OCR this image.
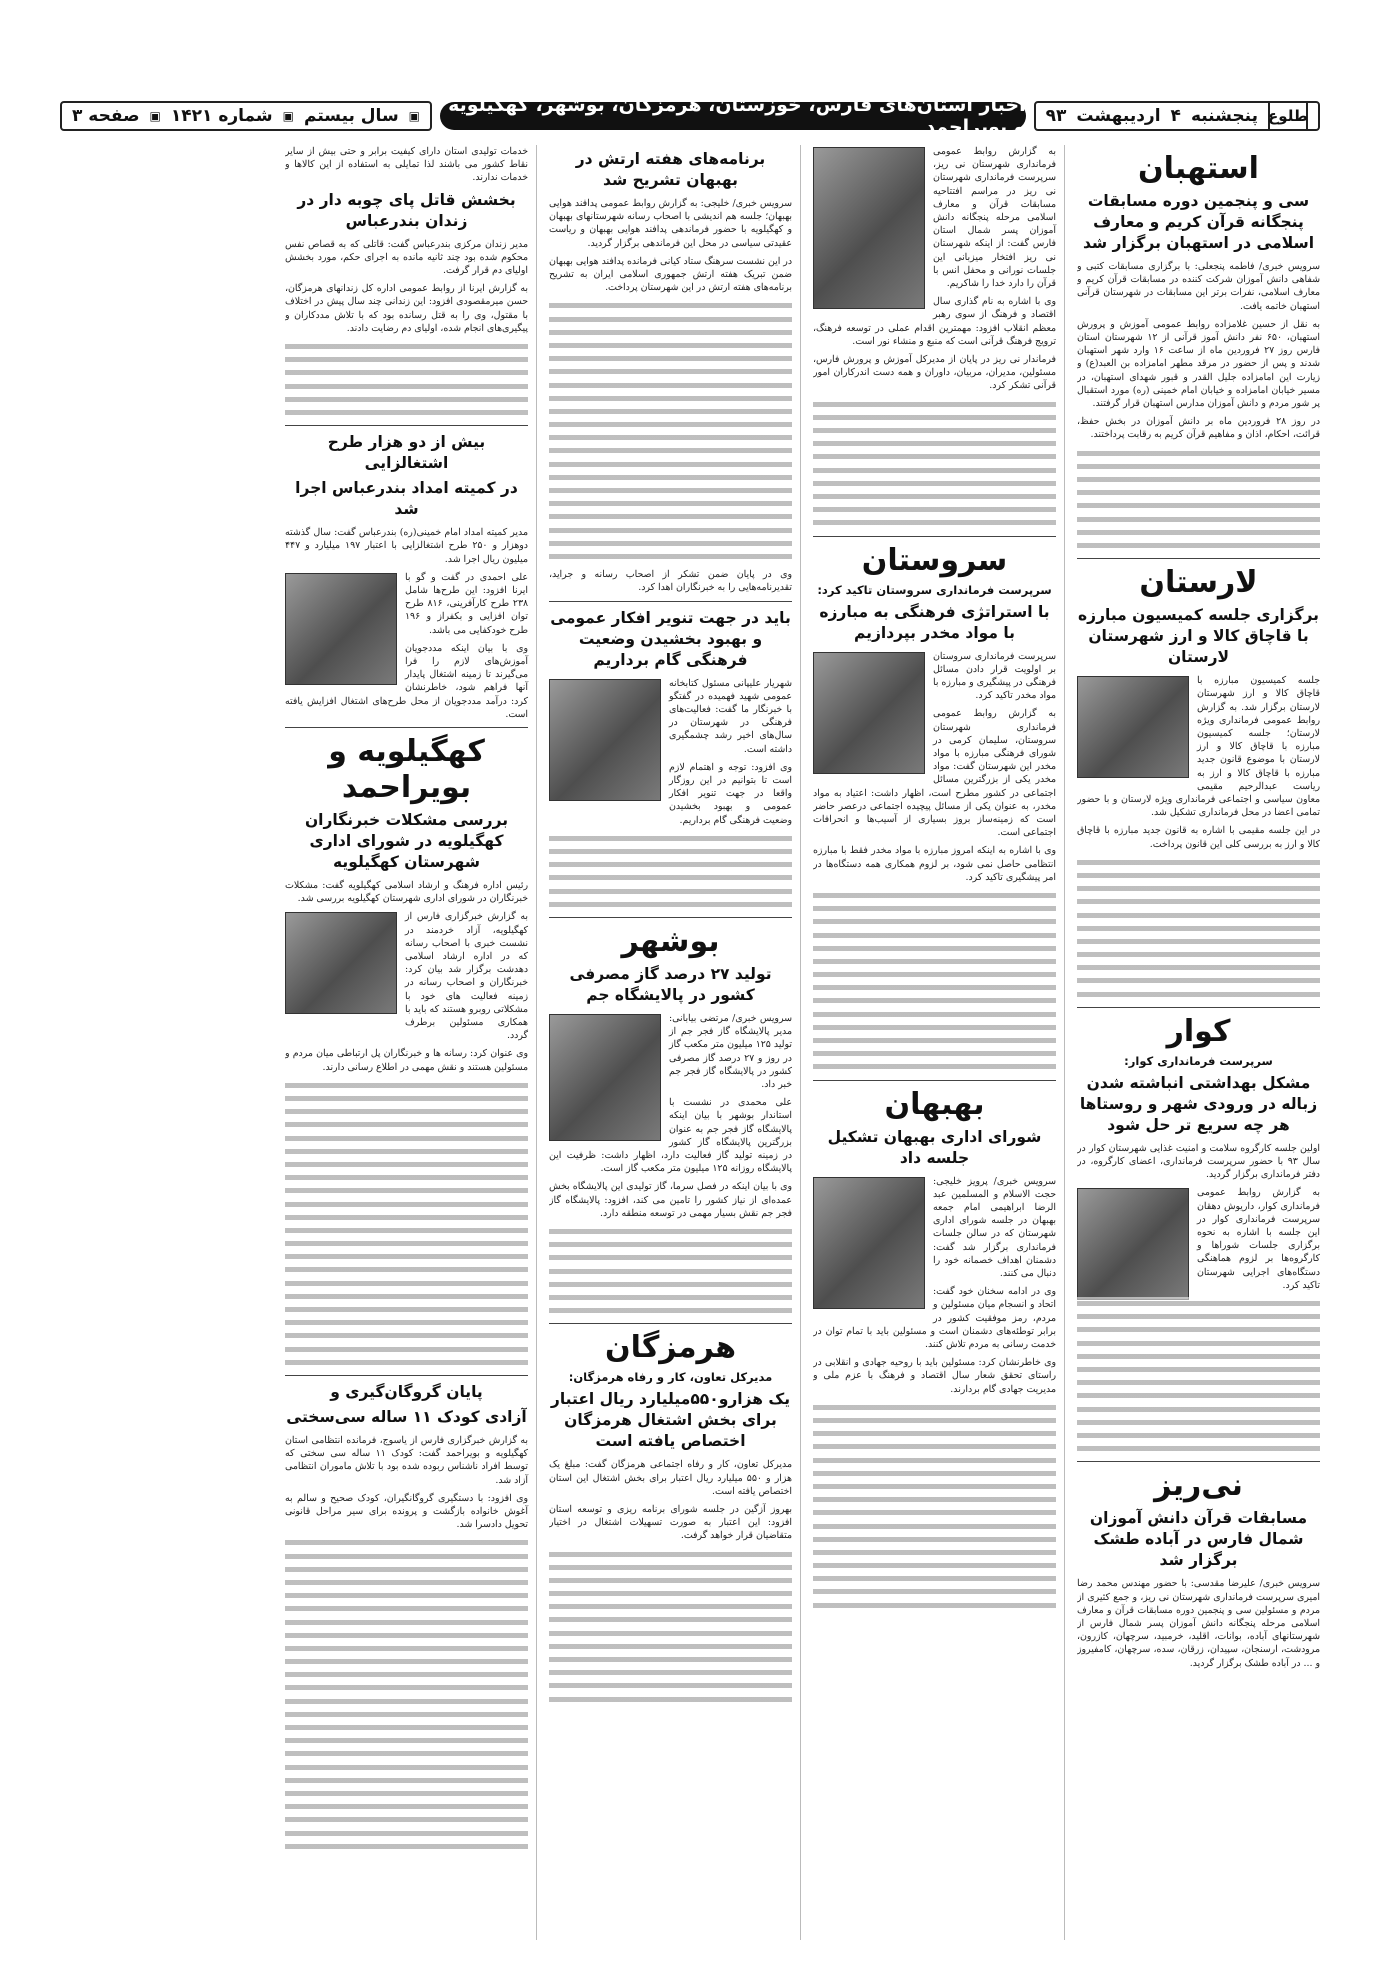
طلوع
پنجشنبه
۴
اردیبهشت
۹۳
اخبار استان‌های فارس، خوزستان، هرمزگان، بوشهر، کهگیلویه و بویراحمد
▣
سال بیستم
▣
شماره ۱۴۲۱
▣
صفحه ۳
استهبان
سی و پنجمین دوره مسابقات پنجگانه قرآن کریم و معارف اسلامی در استهبان برگزار شد

سرویس خبری/ فاطمه پنجعلی: با برگزاری مسابقات کتبی و شفاهی دانش آموزان شرکت کننده در مسابقات قرآن کریم و معارف اسلامی، نفرات برتر این مسابقات در شهرستان قرآنی استهبان خاتمه یافت.

به نقل از حسین غلامزاده روابط عمومی آموزش و پرورش استهبان، ۶۵۰ نفر دانش آموز قرآنی از ۱۲ شهرستان استان فارس روز ۲۷ فروردین ماه از ساعت ۱۶ وارد شهر استهبان شدند و پس از حضور در مرقد مطهر امامزاده بن العبد(ع) و زیارت این امامزاده جلیل القدر و قبور شهدای استهبان، در مسیر خیابان امامزاده و خیابان امام خمینی (ره) مورد استقبال پر شور مردم و دانش آموزان مدارس استهبان قرار گرفتند.

در روز ۲۸ فروردین ماه بر دانش آموزان در بخش حفظ، قرائت، احکام، اذان و مفاهیم قرآن کریم به رقابت پرداختند.

لارستان
برگزاری جلسه کمیسیون مبارزه با قاچاق کالا و ارز شهرستان لارستان

جلسه کمیسیون مبارزه با قاچاق کالا و ارز شهرستان لارستان برگزار شد. به گزارش روابط عمومی فرمانداری ویژه لارستان؛ جلسه کمیسیون مبارزه با قاچاق کالا و ارز لارستان با موضوع قانون جدید مبارزه با قاچاق کالا و ارز به ریاست عبدالرحیم مقیمی معاون سیاسی و اجتماعی فرمانداری ویژه لارستان و با حضور تمامی اعضا در محل فرمانداری تشکیل شد.

در این جلسه مقیمی با اشاره به قانون جدید مبارزه با قاچاق کالا و ارز به بررسی کلی این قانون پرداخت.

کوار
سرپرست فرمانداری کوار:
مشکل بهداشتی انباشته شدن زباله در ورودی شهر و روستاها هر چه سریع تر حل شود

اولین جلسه کارگروه سلامت و امنیت غذایی شهرستان کوار در سال ۹۳ با حضور سرپرست فرمانداری، اعضای کارگروه، در دفتر فرمانداری برگزار گردید.

به گزارش روابط عمومی فرمانداری کوار، داریوش دهقان سرپرست فرمانداری کوار در این جلسه با اشاره به نحوه برگزاری جلسات شوراها و کارگروه‌ها بر لزوم هماهنگی دستگاه‌های اجرایی شهرستان تاکید کرد.

نی‌ریز
مسابقات قرآن دانش آموزان شمال فارس در آباده طشک برگزار شد

سرویس خبری/ علیرضا مقدسی: با حضور مهندس محمد رضا امیری سرپرست فرمانداری شهرستان نی ریز، و جمع کثیری از مردم و مسئولین سی و پنجمین دوره مسابقات قرآن و معارف اسلامی مرحله پنجگانه دانش آموزان پسر شمال فارس از شهرستانهای آباده، بوانات، اقلید، خرمبید، سرچهان، کازرون، مرودشت، ارسنجان، سپیدان، زرقان، سده، سرچهان، کامفیروز و ... در آباده طشک برگزار گردید.

به گزارش روابط عمومی فرمانداری شهرستان نی ریز، سرپرست فرمانداری شهرستان نی ریز در مراسم افتتاحیه مسابقات قرآن و معارف اسلامی مرحله پنجگانه دانش آموزان پسر شمال استان فارس گفت: از اینکه شهرستان نی ریز افتخار میزبانی این جلسات نورانی و محفل انس با قرآن را دارد خدا را شاکریم.

وی با اشاره به نام گذاری سال اقتصاد و فرهنگ از سوی رهبر معظم انقلاب افزود: مهمترین اقدام عملی در توسعه فرهنگ، ترویج فرهنگ قرآنی است که منبع و منشاء نور است.

فرماندار نی ریز در پایان از مدیرکل آموزش و پرورش فارس، مسئولین، مدیران، مربیان، داوران و همه دست اندرکاران امور قرآنی تشکر کرد.

سروستان
سرپرست فرمانداری سروستان تاکید کرد:
با استراتژی فرهنگی به مبارزه با مواد مخدر بپردازیم

سرپرست فرمانداری سروستان بر اولویت قرار دادن مسائل فرهنگی در پیشگیری و مبارزه با مواد مخدر تاکید کرد.

به گزارش روابط عمومی فرمانداری شهرستان سروستان، سلیمان کرمی در شورای فرهنگی مبارزه با مواد مخدر این شهرستان گفت: مواد مخدر یکی از بزرگترین مسائل اجتماعی در کشور مطرح است، اظهار داشت: اعتیاد به مواد مخدر، به عنوان یکی از مسائل پیچیده اجتماعی درعصر حاضر است که زمینه‌ساز بروز بسیاری از آسیب‌ها و انحرافات اجتماعی است.

وی با اشاره به اینکه امروز مبارزه با مواد مخدر فقط با مبارزه انتظامی حاصل نمی شود، بر لزوم همکاری همه دستگاه‌ها در امر پیشگیری تاکید کرد.

بهبهان
شورای اداری بهبهان تشکیل جلسه داد

سرویس خبری/ پرویز خلیجی: حجت الاسلام و المسلمین عبد الرضا ابراهیمی امام جمعه بهبهان در جلسه شورای اداری شهرستان که در سالن جلسات فرمانداری برگزار شد گفت: دشمنان اهداف خصمانه خود را دنبال می کنند.

وی در ادامه سخنان خود گفت: اتحاد و انسجام میان مسئولین و مردم، رمز موفقیت کشور در برابر توطئه‌های دشمنان است و مسئولین باید با تمام توان در خدمت رسانی به مردم تلاش کنند.

وی خاطرنشان کرد: مسئولین باید با روحیه جهادی و انقلابی در راستای تحقق شعار سال اقتصاد و فرهنگ با عزم ملی و مدیریت جهادی گام بردارند.

برنامه‌های هفته ارتش در بهبهان تشریح شد

سرویس خبری/ خلیجی: به گزارش روابط عمومی پدافند هوایی بهبهان؛ جلسه هم اندیشی با اصحاب رسانه شهرستانهای بهبهان و کهگیلویه با حضور فرماندهی پدافند هوایی بهبهان و ریاست عقیدتی سیاسی در محل این فرماندهی برگزار گردید.

در این نشست سرهنگ ستاد کیانی فرمانده پدافند هوایی بهبهان ضمن تبریک هفته ارتش جمهوری اسلامی ایران به تشریح برنامه‌های هفته ارتش در این شهرستان پرداخت.

وی در پایان ضمن تشکر از اصحاب رسانه و جراید، تقدیرنامه‌هایی را به خبرنگاران اهدا کرد.

باید در جهت تنویر افکار عمومی و بهبود بخشیدن وضعیت فرهنگی گام برداریم

شهریار علیپانی مسئول کتابخانه عمومی شهید فهمیده در گفتگو با خبرنگار ما گفت: فعالیت‌های فرهنگی در شهرستان در سال‌های اخیر رشد چشمگیری داشته است.

وی افزود: توجه و اهتمام لازم است تا بتوانیم در این روزگار واقعا در جهت تنویر افکار عمومی و بهبود بخشیدن وضعیت فرهنگی گام برداریم.

بوشهر
تولید ۲۷ درصد گاز مصرفی کشور در پالایشگاه جم

سرویس خبری/ مرتضی بیابانی: مدیر پالایشگاه گاز فجر جم از تولید ۱۲۵ میلیون متر مکعب گاز در روز و ۲۷ درصد گاز مصرفی کشور در پالایشگاه گاز فجر جم خبر داد.

علی محمدی در نشست با استاندار بوشهر با بیان اینکه پالایشگاه گاز فجر جم به عنوان بزرگترین پالایشگاه گاز کشور در زمینه تولید گاز فعالیت دارد، اظهار داشت: ظرفیت این پالایشگاه روزانه ۱۲۵ میلیون متر مکعب گاز است.

وی با بیان اینکه در فصل سرما، گاز تولیدی این پالایشگاه بخش عمده‌ای از نیاز کشور را تامین می کند، افزود: پالایشگاه گاز فجر جم نقش بسیار مهمی در توسعه منطقه دارد.

هرمزگان
مدیرکل تعاون، کار و رفاه هرمزگان:
یک هزارو۵۵۰میلیارد ریال اعتبار برای بخش اشتغال هرمزگان اختصاص یافته است

مدیرکل تعاون، کار و رفاه اجتماعی هرمزگان گفت: مبلغ یک هزار و ۵۵۰ میلیارد ریال اعتبار برای بخش اشتغال این استان اختصاص یافته است.

بهروز آزگین در جلسه شورای برنامه ریزی و توسعه استان افزود: این اعتبار به صورت تسهیلات اشتغال در اختیار متقاضیان قرار خواهد گرفت.

خدمات تولیدی استان دارای کیفیت برابر و حتی بیش از سایر نقاط کشور می باشند لذا تمایلی به استفاده از این کالاها و خدمات ندارند.

بخشش قاتل پای چوبه دار در زندان بندرعباس

مدیر زندان مرکزی بندرعباس گفت: قاتلی که به قصاص نفس محکوم شده بود چند ثانیه مانده به اجرای حکم، مورد بخشش اولیای دم قرار گرفت.

به گزارش ایرنا از روابط عمومی اداره کل زندانهای هرمزگان، حسن میرمقصودی افزود: این زندانی چند سال پیش در اختلاف با مقتول، وی را به قتل رسانده بود که با تلاش مددکاران و پیگیری‌های انجام شده، اولیای دم رضایت دادند.

بیش از دو هزار طرح اشتغالزایی
در کمیته امداد بندرعباس اجرا شد

مدیر کمیته امداد امام خمینی(ره) بندرعباس گفت: سال گذشته دوهزار و ۲۵۰ طرح اشتغالزایی با اعتبار ۱۹۷ میلیارد و ۴۴۷ میلیون ریال اجرا شد.

علی احمدی در گفت و گو با ایرنا افزود: این طرح‌ها شامل ۲۳۸ طرح کارآفرینی، ۸۱۶ طرح توان افزایی و بکفراز و ۱۹۶ طرح خودکفایی می باشد.

وی با بیان اینکه مددجویان آموزش‌های لازم را فرا می‌گیرند تا زمینه اشتغال پایدار آنها فراهم شود، خاطرنشان کرد: درآمد مددجویان از محل طرح‌های اشتغال افزایش یافته است.

کهگیلویه و بویراحمد
بررسی مشکلات خبرنگاران کهگیلویه در شورای اداری شهرستان کهگیلویه

رئیس اداره فرهنگ و ارشاد اسلامی کهگیلویه گفت: مشکلات خبرنگاران در شورای اداری شهرستان کهگیلویه بررسی شد.

به گزارش خبرگزاری فارس از کهگیلویه، آزاد خردمند در نشست خبری با اصحاب رسانه که در اداره ارشاد اسلامی دهدشت برگزار شد بیان کرد: خبرنگاران و اصحاب رسانه در زمینه فعالیت های خود با مشکلاتی روبرو هستند که باید با همکاری مسئولین برطرف گردد.

وی عنوان کرد: رسانه ها و خبرنگاران پل ارتباطی میان مردم و مسئولین هستند و نقش مهمی در اطلاع رسانی دارند.

پایان گروگان‌گیری و
آزادی کودک ۱۱ ساله سی‌سختی

به گزارش خبرگزاری فارس از یاسوج، فرمانده انتظامی استان کهگیلویه و بویراحمد گفت: کودک ۱۱ ساله سی سختی که توسط افراد ناشناس ربوده شده بود با تلاش ماموران انتظامی آزاد شد.

وی افزود: با دستگیری گروگانگیران، کودک صحیح و سالم به آغوش خانواده بازگشت و پرونده برای سیر مراحل قانونی تحویل دادسرا شد.
